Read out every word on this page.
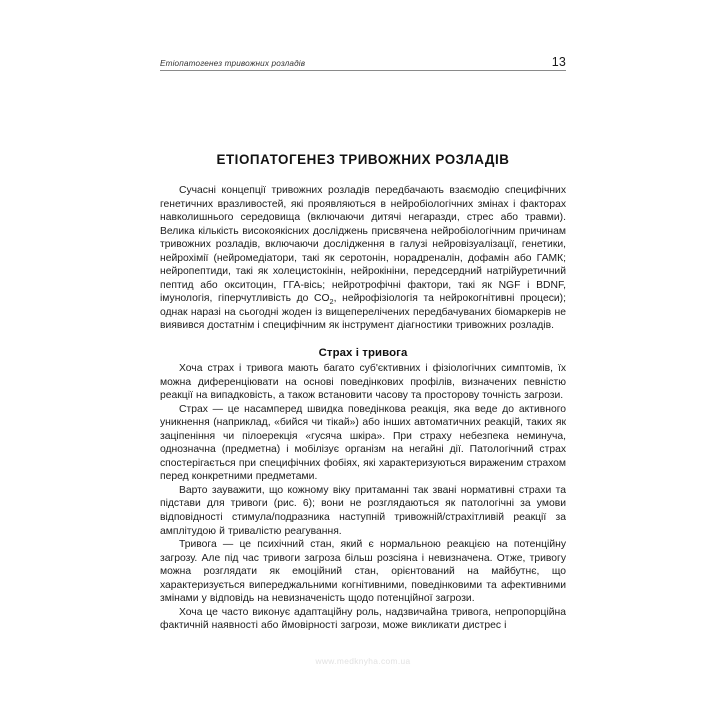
Етіопатогенез тривожних розладів	13
ЕТІОПАТОГЕНЕЗ ТРИВОЖНИХ РОЗЛАДІВ

Сучасні концепції тривожних розладів передбачають взаємодію специфічних генетичних вразливостей, які проявляються в нейробіологічних змінах і факторах навколишнього середовища (включаючи дитячі негаразди, стрес або травми). Велика кількість високоякісних досліджень присвячена нейробіологічним причинам тривожних розладів, включаючи дослідження в галузі нейровізуалізації, генетики, нейрохімії (нейромедіатори, такі як серотонін, норадреналін, дофамін або ГАМК; нейропептиди, такі як холецистокінін, нейрокініни, передсердний натрійуретичний пептид або окситоцин, ГГА-вісь; нейротрофічні фактори, такі як NGF і BDNF, імунологія, гіперчутливість до $CO_2$, нейрофізіологія та нейрокогнітивні процеси); однак наразі на сьогодні жоден із вищеперелічених передбачуваних біомаркерів не виявився достатнім і специфічним як інструмент діагностики тривожних розладів.

Страх і тривога

Хоча страх і тривога мають багато суб'єктивних і фізіологічних симптомів, їх можна диференціювати на основі поведінкових профілів, визначених певністю реакції на випадковість, а також встановити часову та просторову точність загрози.

Страх — це насамперед швидка поведінкова реакція, яка веде до активного уникнення (наприклад, «бийся чи тікай») або інших автоматичних реакцій, таких як заціпеніння чи пілоерекція «гусяча шкіра». При страху небезпека неминуча, однозначна (предметна) і мобілізує організм на негайні дії. Патологічний страх спостерігається при специфічних фобіях, які характеризуються вираженим страхом перед конкретними предметами.

Варто зауважити, що кожному віку притаманні так звані нормативні страхи та підстави для тривоги (рис. 6); вони не розглядаються як патологічні за умови відповідності стимула/подразника наступній тривожній/страхітливій реакції за амплітудою й тривалістю реагування.

Тривога — це психічний стан, який є нормальною реакцією на потенційну загрозу. Але під час тривоги загроза більш розсіяна і невизначена. Отже, тривогу можна розглядати як емоційний стан, орієнтований на майбутнє, що характеризується випереджальними когнітивними, поведінковими та афективними змінами у відповідь на невизначеність щодо потенційної загрози.

Хоча це часто виконує адаптаційну роль, надзвичайна тривога, непропорційна фактичній наявності або ймовірності загрози, може викликати дистрес і

www.medknyha.com.ua
